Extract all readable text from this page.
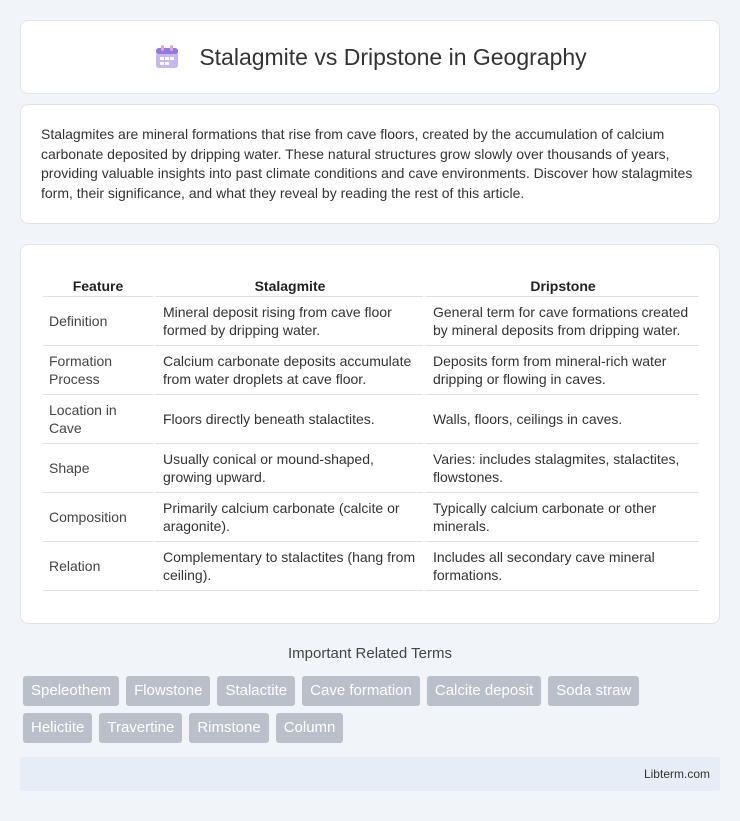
Stalagmite vs Dripstone in Geography

Stalagmites are mineral formations that rise from cave floors, created by the accumulation of calcium carbonate deposited by dripping water. These natural structures grow slowly over thousands of years, providing valuable insights into past climate conditions and cave environments. Discover how stalagmites form, their significance, and what they reveal by reading the rest of this article.

Feature	Stalagmite	Dripstone
Definition	Mineral deposit rising from cave floor formed by dripping water.	General term for cave formations created by mineral deposits from dripping water.
Formation Process	Calcium carbonate deposits accumulate from water droplets at cave floor.	Deposits form from mineral-rich water dripping or flowing in caves.
Location in Cave	Floors directly beneath stalactites.	Walls, floors, ceilings in caves.
Shape	Usually conical or mound-shaped, growing upward.	Varies: includes stalagmites, stalactites, flowstones.
Composition	Primarily calcium carbonate (calcite or aragonite).	Typically calcium carbonate or other minerals.
Relation	Complementary to stalactites (hang from ceiling).	Includes all secondary cave mineral formations.
Important Related Terms
Speleothem	Flowstone	Stalactite	Cave formation	Calcite deposit	Soda straw
Helictite	Travertine	Rimstone	Column
Libterm.com
